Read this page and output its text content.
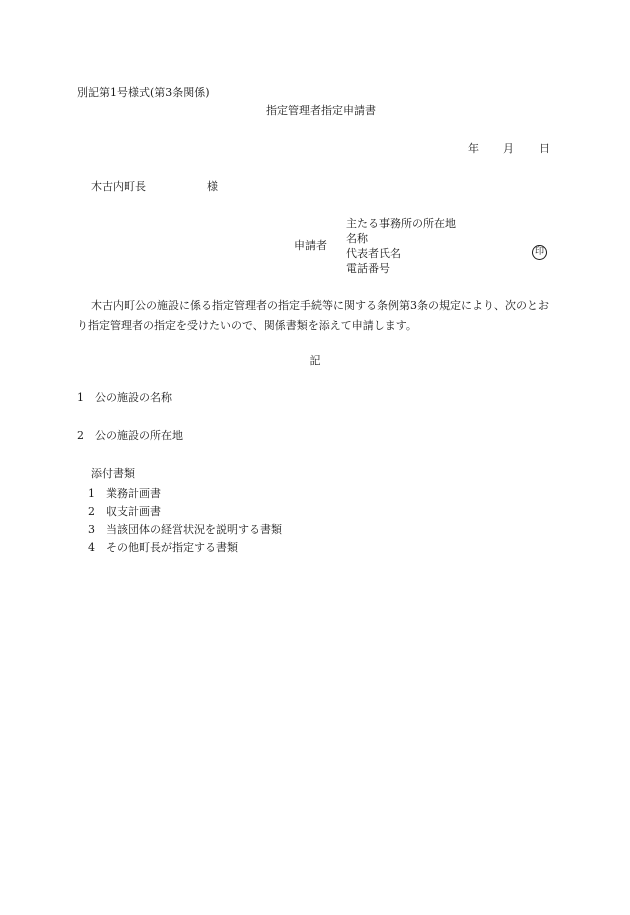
別記第1号様式(第3条関係)
指定管理者指定申請書
年 月 日
木古内町長	様
申請者
主たる事務所の所在地
名称
代表者氏名
電話番号
印
木古内町公の施設に係る指定管理者の指定手続等に関する条例第3条の規定により、次のとおり指定管理者の指定を受けたいので、関係書類を添えて申請します。
記
1 公の施設の名称
2 公の施設の所在地
添付書類
1 業務計画書
2 収支計画書
3 当該団体の経営状況を説明する書類
4 その他町長が指定する書類
